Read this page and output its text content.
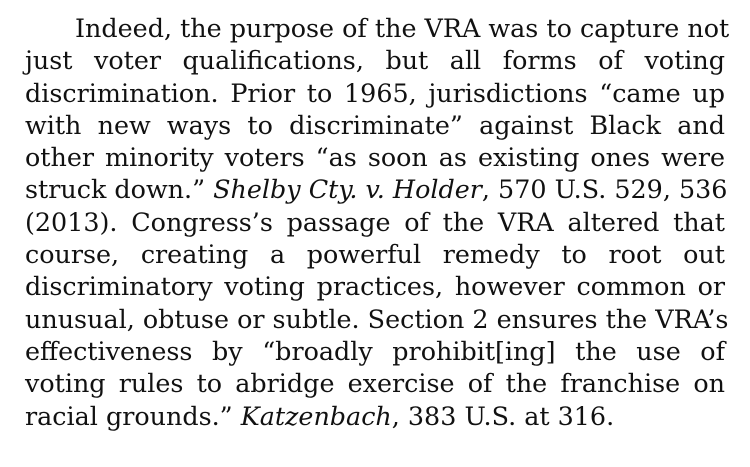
Indeed, the purpose of the VRA was to capture not
just voter qualifications, but all forms of voting
discrimination. Prior to 1965, jurisdictions “came up
with new ways to discriminate” against Black and
other minority voters “as soon as existing ones were
struck down.” Shelby Cty. v. Holder, 570 U.S. 529, 536
(2013). Congress’s passage of the VRA altered that
course, creating a powerful remedy to root out
discriminatory voting practices, however common or
unusual, obtuse or subtle. Section 2 ensures the VRA’s
effectiveness by “broadly prohibit[ing] the use of
voting rules to abridge exercise of the franchise on
racial grounds.” Katzenbach, 383 U.S. at 316.
